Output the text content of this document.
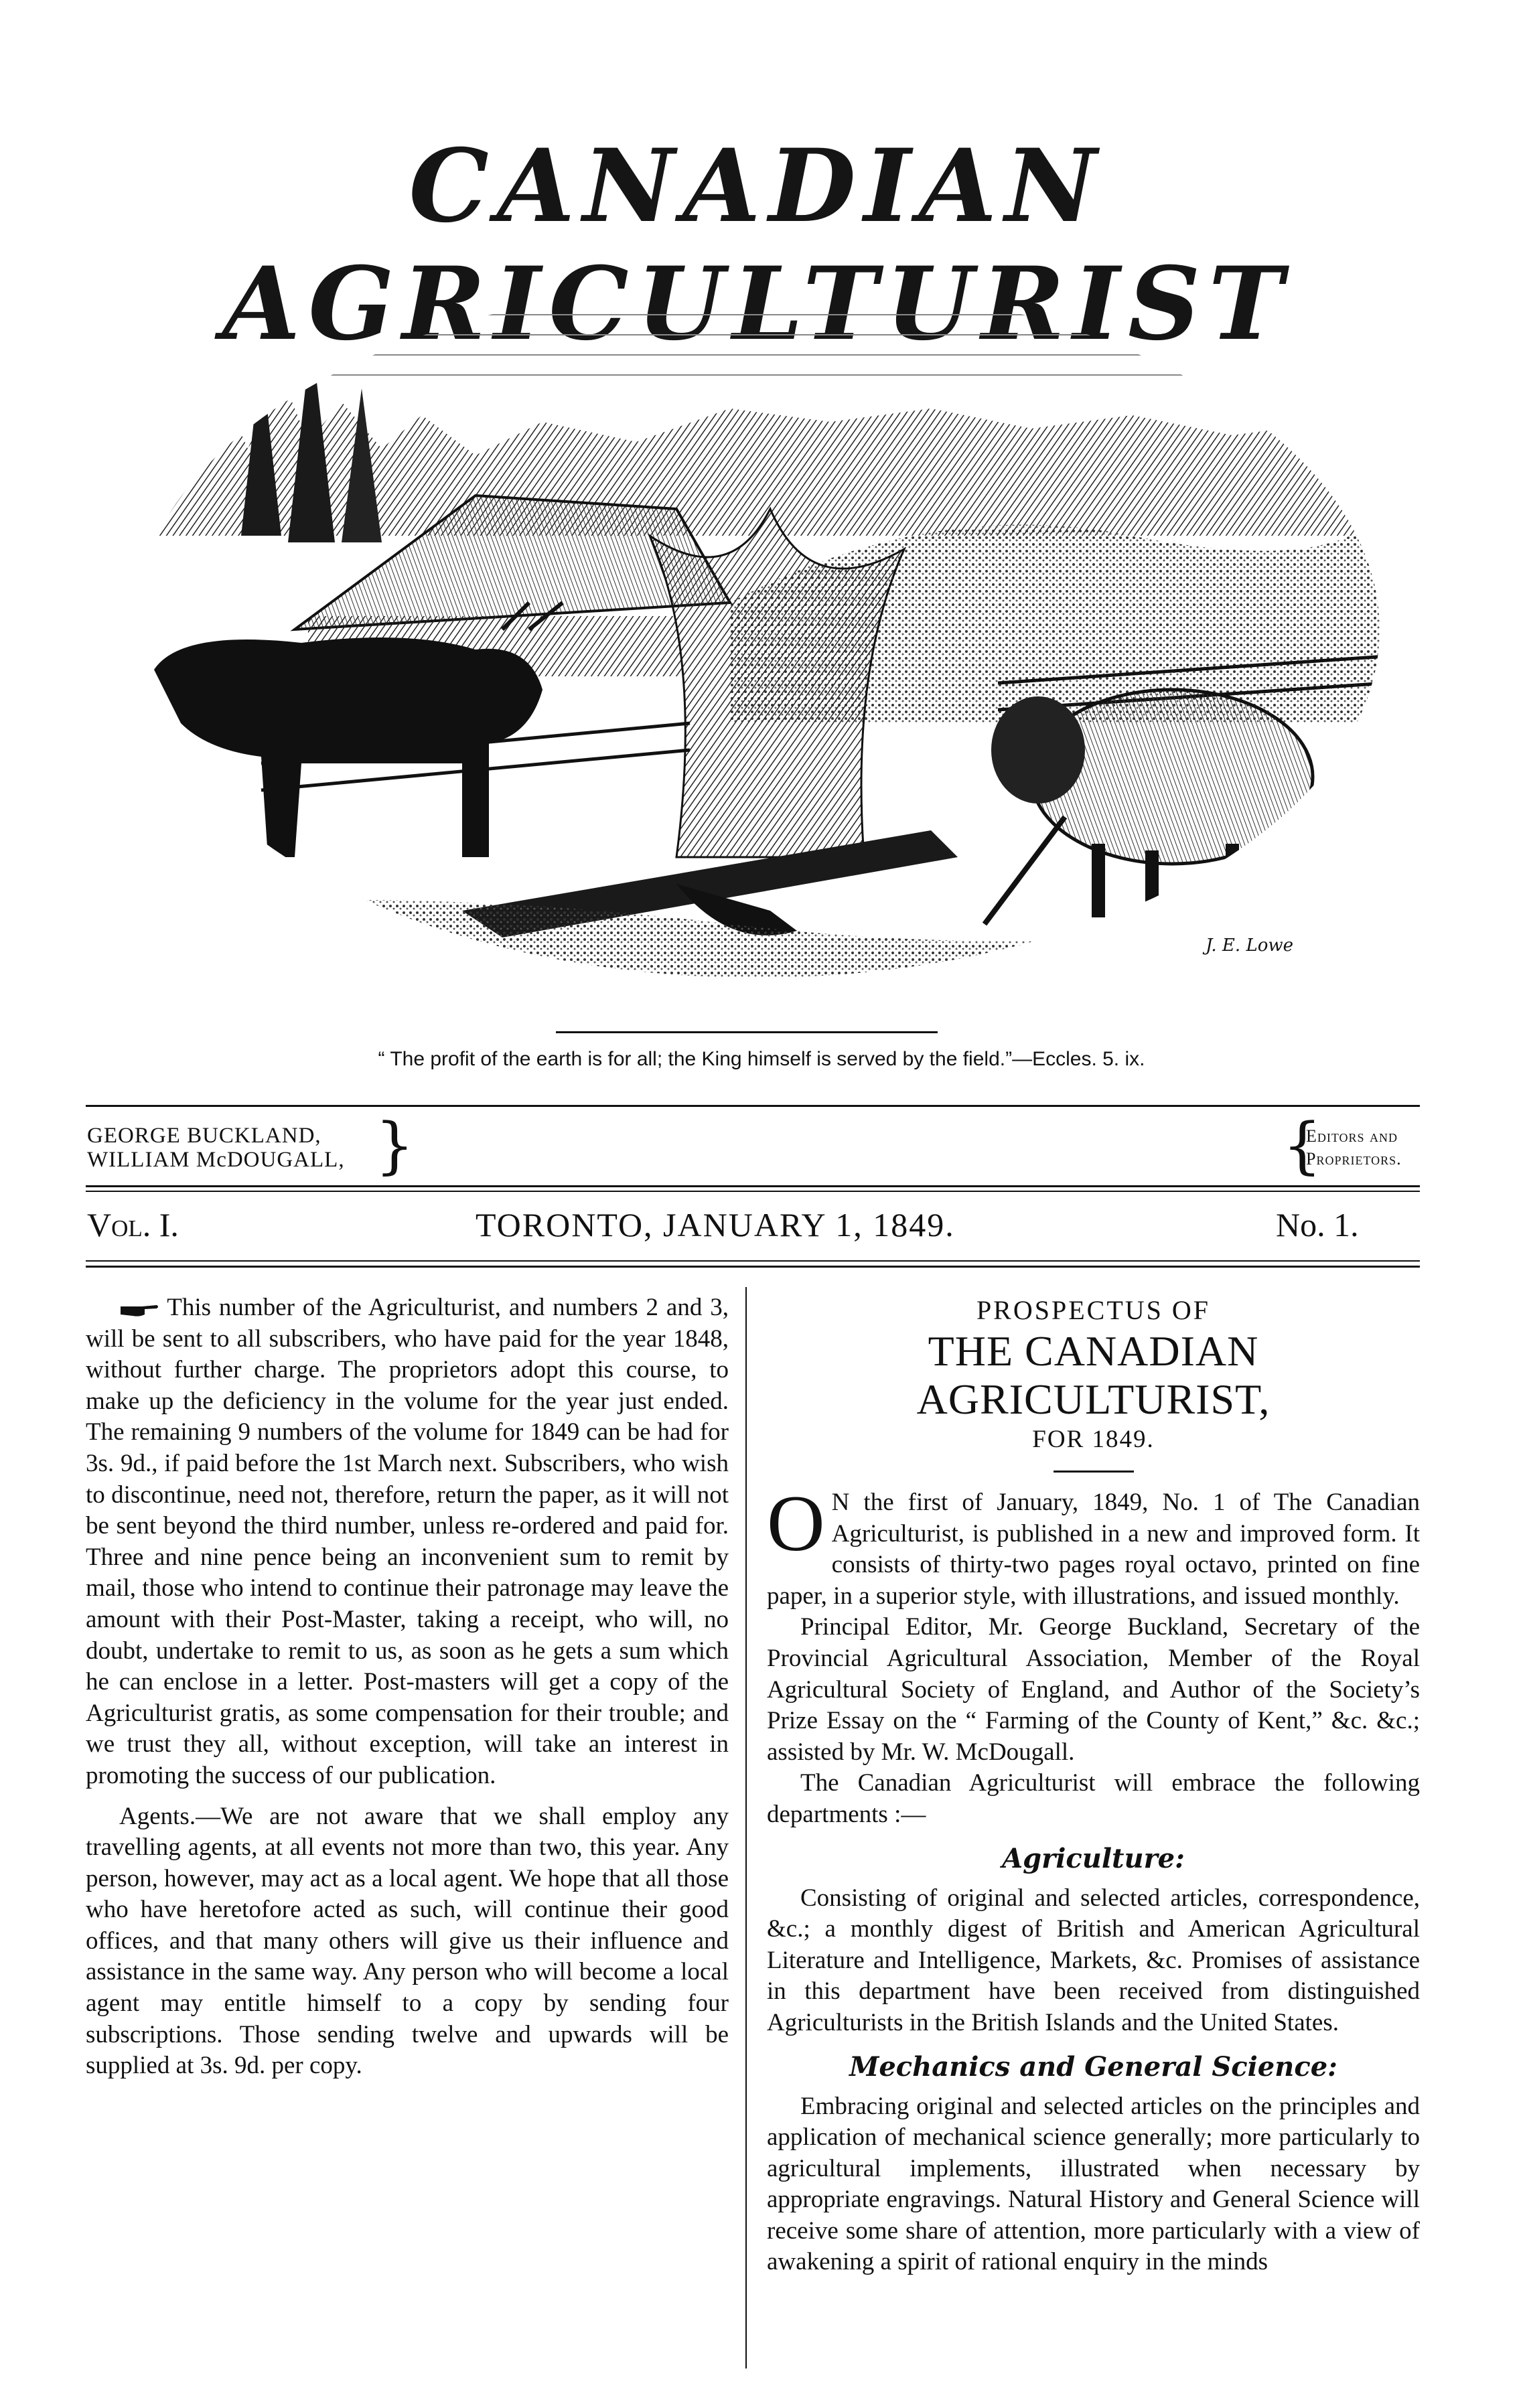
CANADIAN AGRICULTURIST
J. E. Lowe
“ The profit of the earth is for all; the King himself is served by the field.”—Eccles. 5. ix.
GEORGE BUCKLAND,
WILLIAM McDOUGALL, }	{
Editors and
Proprietors.
Vol. I.	TORONTO, JANUARY 1, 1849.	No. 1.

This number of the Agriculturist, and numbers 2 and 3, will be sent to all subscribers, who have paid for the year 1848, without further charge. The proprietors adopt this course, to make up the deficiency in the volume for the year just ended. The remaining 9 numbers of the volume for 1849 can be had for 3s. 9d., if paid before the 1st March next. Subscribers, who wish to discontinue, need not, therefore, return the paper, as it will not be sent beyond the third number, unless re-ordered and paid for. Three and nine pence being an inconvenient sum to remit by mail, those who intend to continue their patronage may leave the amount with their Post-Master, taking a receipt, who will, no doubt, undertake to remit to us, as soon as he gets a sum which he can enclose in a letter. Post-masters will get a copy of the Agriculturist gratis, as some compensation for their trouble; and we trust they all, without exception, will take an interest in promoting the success of our publication.

Agents.—We are not aware that we shall employ any travelling agents, at all events not more than two, this year. Any person, however, may act as a local agent. We hope that all those who have heretofore acted as such, will continue their good offices, and that many others will give us their influence and assistance in the same way. Any person who will become a local agent may entitle himself to a copy by sending four subscriptions. Those sending twelve and upwards will be supplied at 3s. 9d. per copy.

PROSPECTUS OF
THE CANADIAN AGRICULTURIST,
FOR 1849.

O N the first of January, 1849, No. 1 of The Canadian Agriculturist, is published in a new and improved form. It consists of thirty-two pages royal octavo, printed on fine paper, in a superior style, with illustrations, and issued monthly.

Principal Editor, Mr. George Buckland, Secretary of the Provincial Agricultural Association, Member of the Royal Agricultural Society of England, and Author of the Society’s Prize Essay on the “ Farming of the County of Kent,” &c. &c.; assisted by Mr. W. McDougall.

The Canadian Agriculturist will embrace the following departments :—

Agriculture:

Consisting of original and selected articles, correspondence, &c.; a monthly digest of British and American Agricultural Literature and Intelligence, Markets, &c. Promises of assistance in this department have been received from distinguished Agriculturists in the British Islands and the United States.

Mechanics and General Science:

Embracing original and selected articles on the principles and application of mechanical science generally; more particularly to agricultural implements, illustrated when necessary by appropriate engravings. Natural History and General Science will receive some share of attention, more particularly with a view of awakening a spirit of rational enquiry in the minds
